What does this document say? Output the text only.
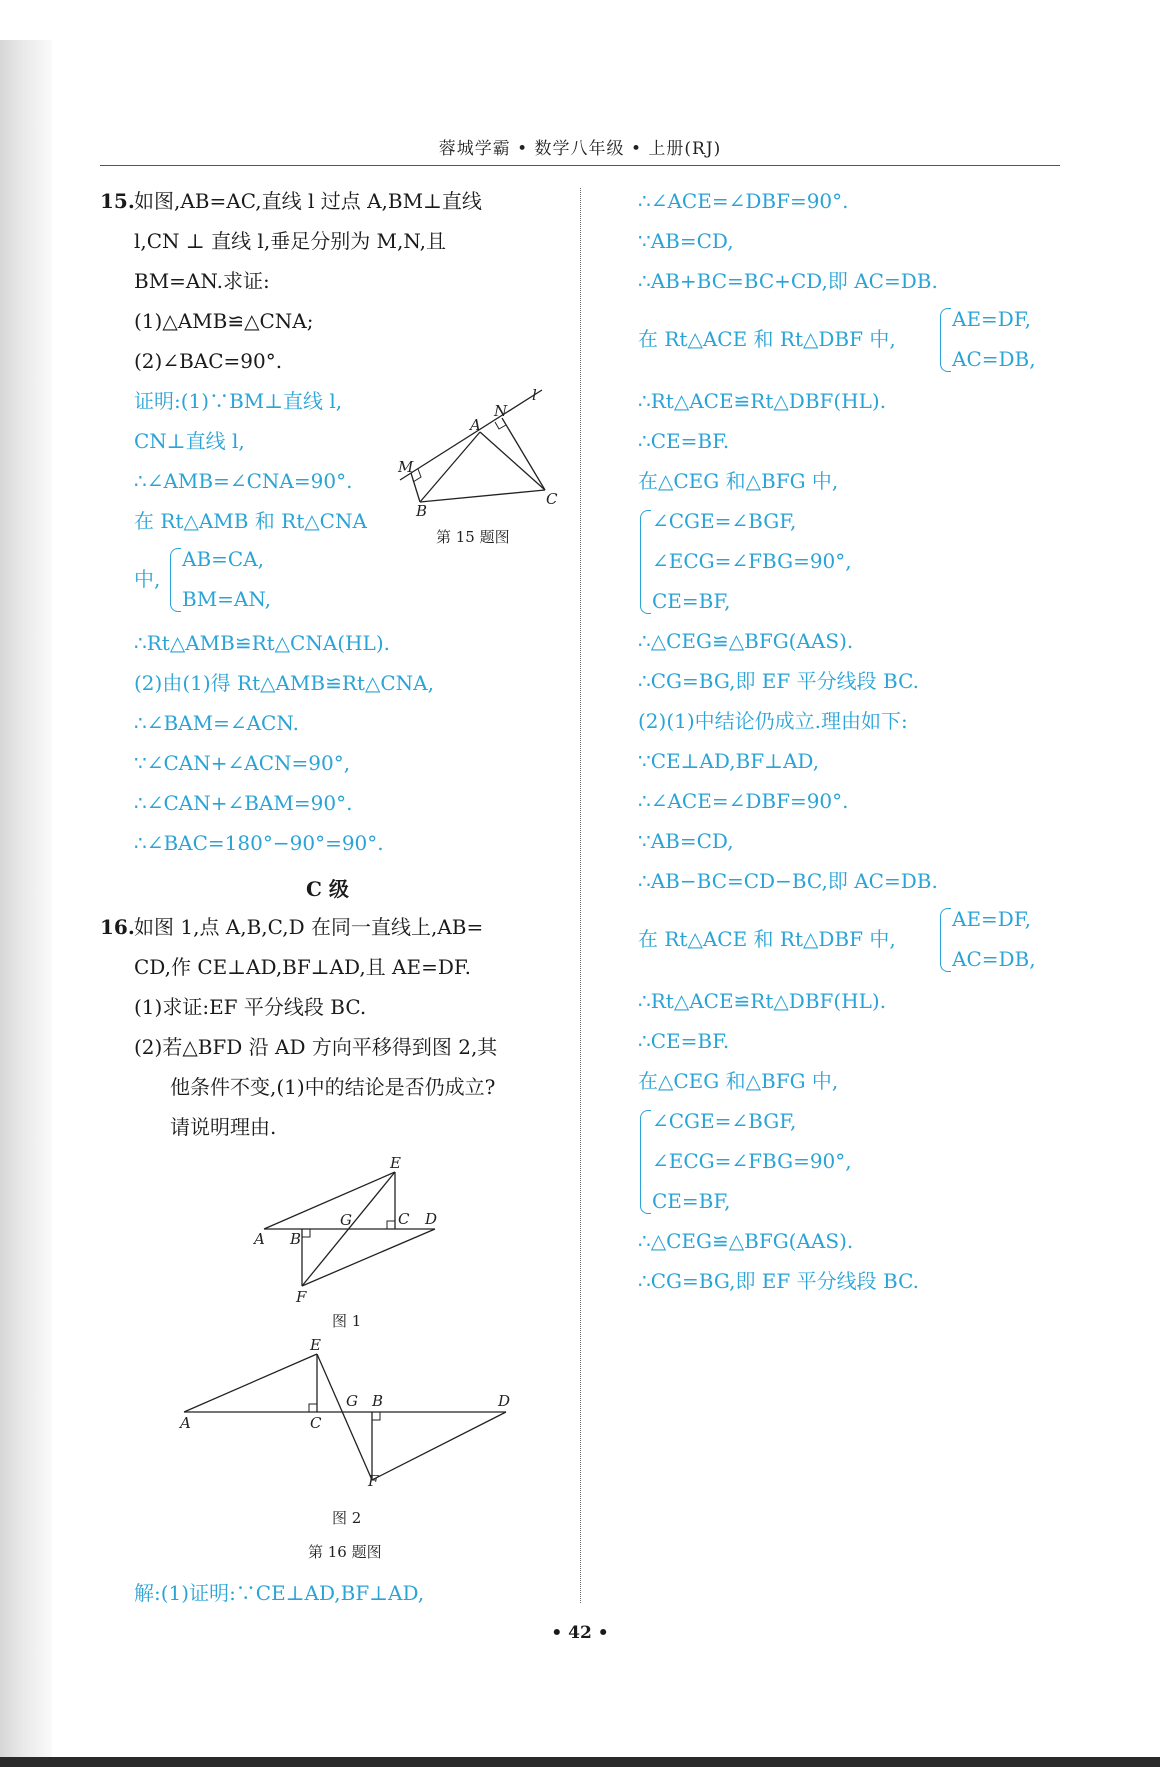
蓉城学霸 • 数学八年级 • 上册(RJ)
15. 如图,AB=AC,直线 l 过点 A,BM⊥直线
l,CN ⊥ 直线 l,垂足分别为 M,N,且
BM=AN.求证:
(1)△AMB≌△CNA;
(2)∠BAC=90°.
证明:(1)∵BM⊥直线 l,
CN⊥直线 l,
∴∠AMB=∠CNA=90°.
在 Rt△AMB 和 Rt△CNA
中,
AB=CA,
BM=AN,
∴Rt△AMB≌Rt△CNA(HL).
(2)由(1)得 Rt△AMB≌Rt△CNA,
∴∠BAM=∠ACN.
∵∠CAN+∠ACN=90°,
∴∠CAN+∠BAM=90°.
∴∠BAC=180°−90°=90°.
l
N
A
M
C
B
第 15 题图
C 级
16. 如图 1,点 A,B,C,D 在同一直线上,AB=
CD,作 CE⊥AD,BF⊥AD,且 AE=DF.
(1)求证:EF 平分线段 BC.
(2)若△BFD 沿 AD 方向平移得到图 2,其
他条件不变,(1)中的结论是否仍成立?
请说明理由.
E
G	C D
A B
F
图 1
E
G B	D
A	C
F
图 2
第 16 题图
解:(1)证明:∵CE⊥AD,BF⊥AD,
∴∠ACE=∠DBF=90°.
∵AB=CD,
∴AB+BC=BC+CD,即 AC=DB.
在 Rt△ACE 和 Rt△DBF 中,
AE=DF,
AC=DB,
∴Rt△ACE≌Rt△DBF(HL).
∴CE=BF.
在△CEG 和△BFG 中,
∠CGE=∠BGF,
∠ECG=∠FBG=90°,
CE=BF,
∴△CEG≌△BFG(AAS).
∴CG=BG,即 EF 平分线段 BC.
(2)(1)中结论仍成立.理由如下:
∵CE⊥AD,BF⊥AD,
∴∠ACE=∠DBF=90°.
∵AB=CD,
∴AB−BC=CD−BC,即 AC=DB.
在 Rt△ACE 和 Rt△DBF 中,
AE=DF,
AC=DB,
∴Rt△ACE≌Rt△DBF(HL).
∴CE=BF.
在△CEG 和△BFG 中,
∠CGE=∠BGF,
∠ECG=∠FBG=90°,
CE=BF,
∴△CEG≌△BFG(AAS).
∴CG=BG,即 EF 平分线段 BC.
• 42 •
